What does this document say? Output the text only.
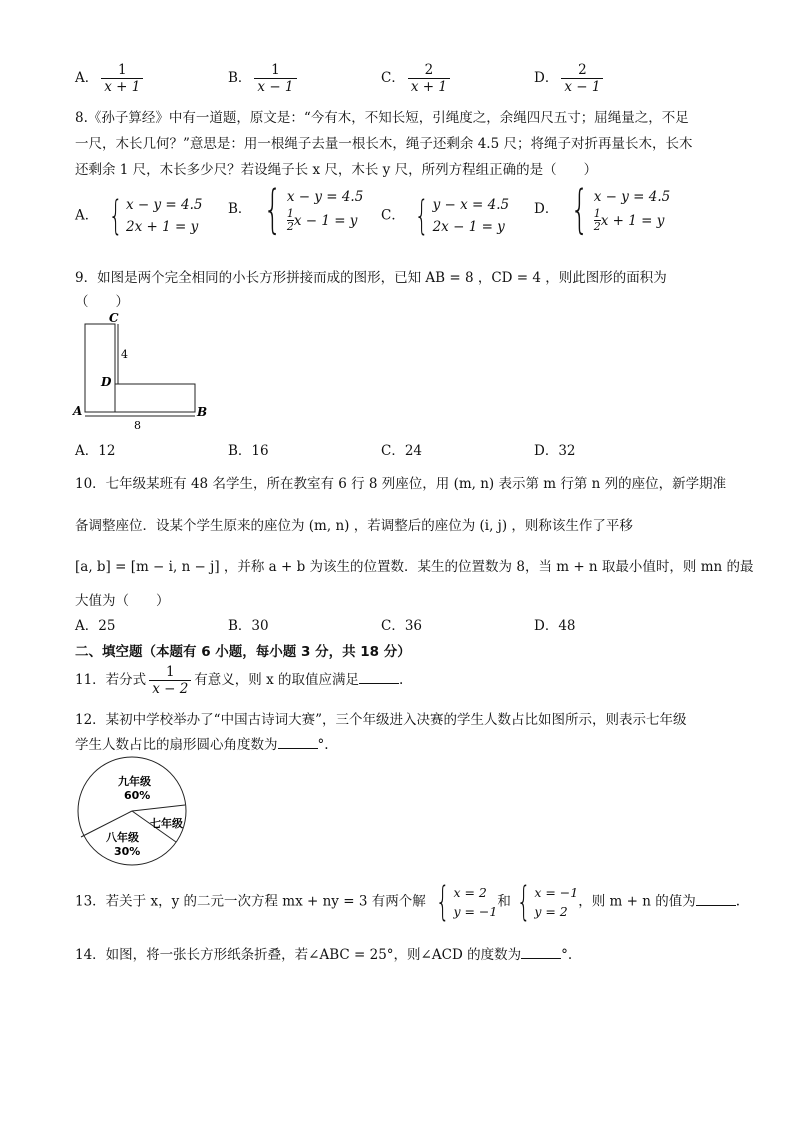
A． $\frac{1}{x + 1}$	B． $\frac{1}{x - 1}$	C． $\frac{2}{x + 1}$	D． $\frac{2}{x - 1}$
8.《孙子算经》中有一道题，原文是：“今有木，不知长短，引绳度之，余绳四尺五寸；屈绳量之，不足
一尺，木长几何？”意思是：用一根绳子去量一根长木，绳子还剩余 4.5 尺；将绳子对折再量长木，长木
还剩余 1 尺，木长多少尺？若设绳子长 x 尺，木长 y 尺，所列方程组正确的是（　　）
A． { x − y = 4.5
2x + 1 = y
B． { x − y = 4.5
1
2 x − 1 = y C． { y − x = 4.5
2x − 1 = y
D． { x − y = 4.5
1
2 x + 1 = y
9．如图是两个完全相同的小长方形拼接而成的图形，已知 AB = 8 ，CD = 4 ，则此图形的面积为
（　　）
C
D
A	B
4
8
A．12	B．16	C．24	D．32
10．七年级某班有 48 名学生，所在教室有 6 行 8 列座位，用 (m, n) 表示第 m 行第 n 列的座位，新学期准
备调整座位．设某个学生原来的座位为 (m, n) ，若调整后的座位为 (i, j) ，则称该生作了平移
[a, b] = [m − i, n − j] ，并称 a + b 为该生的位置数．某生的位置数为 8，当 m + n 取最小值时，则 mn 的最
大值为（　　）
A．25	B．30	C．36	D．48
二、填空题（本题有 6 小题，每小题 3 分，共 18 分）
11．若分式 $\frac{1}{x - 2}$ 有意义，则 x 的取值应满足	.
12．某初中学校举办了“中国古诗词大赛”，三个年级进入决赛的学生人数占比如图所示，则表示七年级
学生人数占比的扇形圆心角度数为	°.
九年级
60%
八年级
30%
七年级
13．若关于 x，y 的二元一次方程 mx + ny = 3 有两个解 { x = 2
y = −1
和 { x = −1
y = 2
，则 m + n 的值为	.
14．如图，将一张长方形纸条折叠，若∠ABC = 25°，则∠ACD 的度数为	°.
